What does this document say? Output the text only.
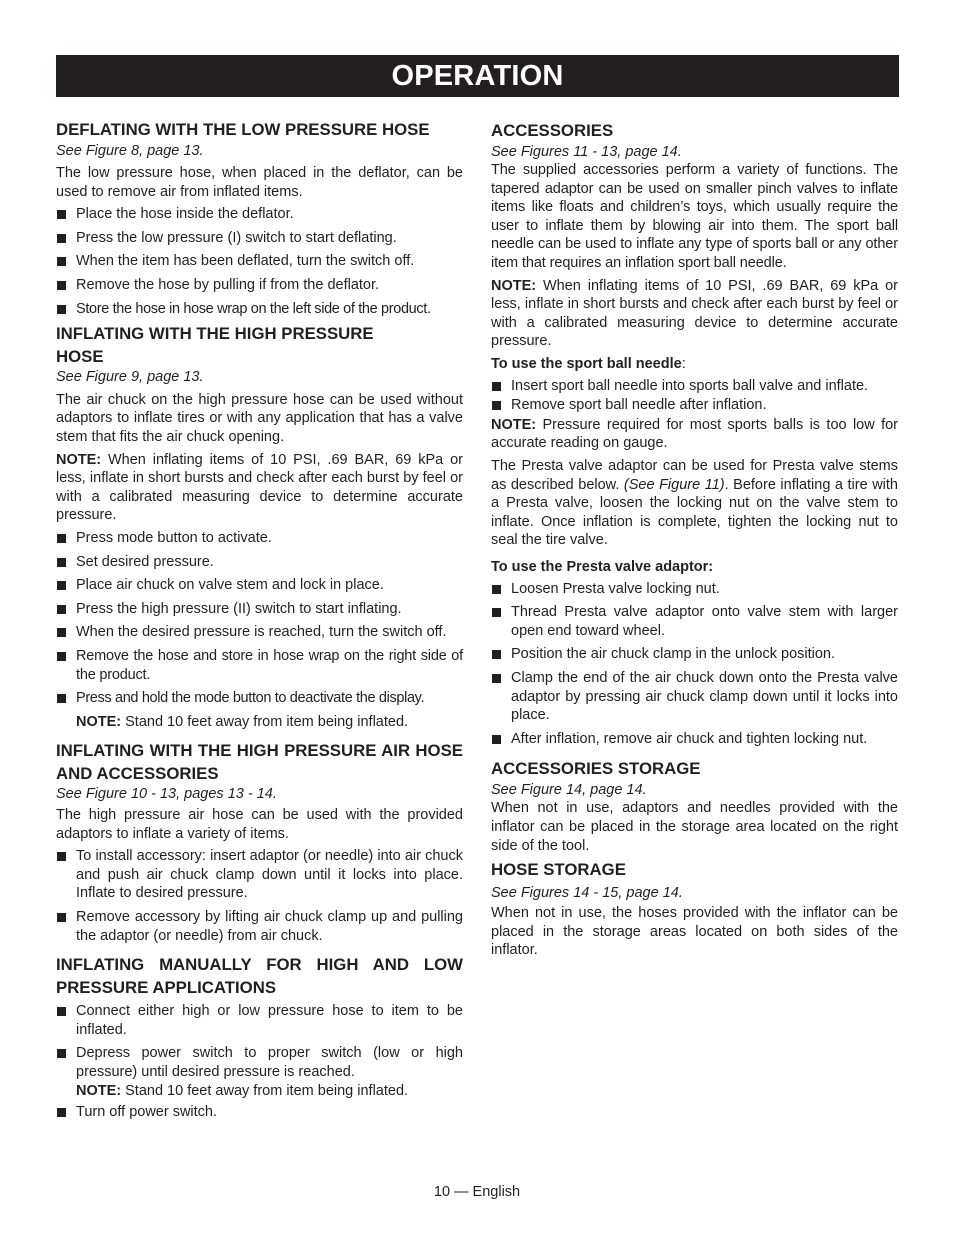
OPERATION
DEFLATING WITH THE LOW PRESSURE HOSE
See Figure 8, page 13.

The low pressure hose, when placed in the deflator, can be used to remove air from inflated items.

Place the hose inside the deflator.
Press the low pressure (I) switch to start deflating.
When the item has been deflated, turn the switch off.
Remove the hose by pulling if from the deflator.
Store the hose in hose wrap on the left side of the product.
INFLATING WITH THE HIGH PRESSURE
HOSE
See Figure 9, page 13.

The air chuck on the high pressure hose can be used without adaptors to inflate tires or with any application that has a valve stem that fits the air chuck opening.

NOTE: When inflating items of 10 PSI, .69 BAR, 69 kPa or less, inflate in short bursts and check after each burst by feel or with a calibrated measuring device to determine accurate pressure.

Press mode button to activate.
Set desired pressure.
Place air chuck on valve stem and lock in place.
Press the high pressure (II) switch to start inflating.
When the desired pressure is reached, turn the switch off.
Remove the hose and store in hose wrap on the right side of the product.
Press and hold the mode button to deactivate the display.
NOTE: Stand 10 feet away from item being inflated.
INFLATING WITH THE HIGH PRESSURE AIR HOSE AND ACCESSORIES
See Figure 10 - 13, pages 13 - 14.

The high pressure air hose can be used with the provided adaptors to inflate a variety of items.

To install accessory: insert adaptor (or needle) into air chuck and push air chuck clamp down until it locks into place. Inflate to desired pressure.
Remove accessory by lifting air chuck clamp up and pulling the adaptor (or needle) from air chuck.
INFLATING MANUALLY FOR HIGH AND LOW PRESSURE APPLICATIONS
Connect either high or low pressure hose to item to be inflated.
Depress power switch to proper switch (low or high pressure) until desired pressure is reached.
NOTE: Stand 10 feet away from item being inflated.
Turn off power switch.
ACCESSORIES
See Figures 11 - 13, page 14.

The supplied accessories perform a variety of functions. The tapered adaptor can be used on smaller pinch valves to inflate items like floats and children’s toys, which usually require the user to inflate them by blowing air into them. The sport ball needle can be used to inflate any type of sports ball or any other item that requires an inflation sport ball needle.

NOTE: When inflating items of 10 PSI, .69 BAR, 69 kPa or less, inflate in short bursts and check after each burst by feel or with a calibrated measuring device to determine accurate pressure.

To use the sport ball needle:
Insert sport ball needle into sports ball valve and inflate.
Remove sport ball needle after inflation.

NOTE: Pressure required for most sports balls is too low for accurate reading on gauge.

The Presta valve adaptor can be used for Presta valve stems as described below. (See Figure 11). Before inflating a tire with a Presta valve, loosen the locking nut on the valve stem to inflate. Once inflation is complete, tighten the locking nut to seal the tire valve.

To use the Presta valve adaptor:
Loosen Presta valve locking nut.
Thread Presta valve adaptor onto valve stem with larger open end toward wheel.
Position the air chuck clamp in the unlock position.
Clamp the end of the air chuck down onto the Presta valve adaptor by pressing air chuck clamp down until it locks into place.
After inflation, remove air chuck and tighten locking nut.
ACCESSORIES STORAGE
See Figure 14, page 14.

When not in use, adaptors and needles provided with the inflator can be placed in the storage area located on the right side of the tool.

HOSE STORAGE
See Figures 14 - 15, page 14.

When not in use, the hoses provided with the inflator can be placed in the storage areas located on both sides of the inflator.

10 — English
